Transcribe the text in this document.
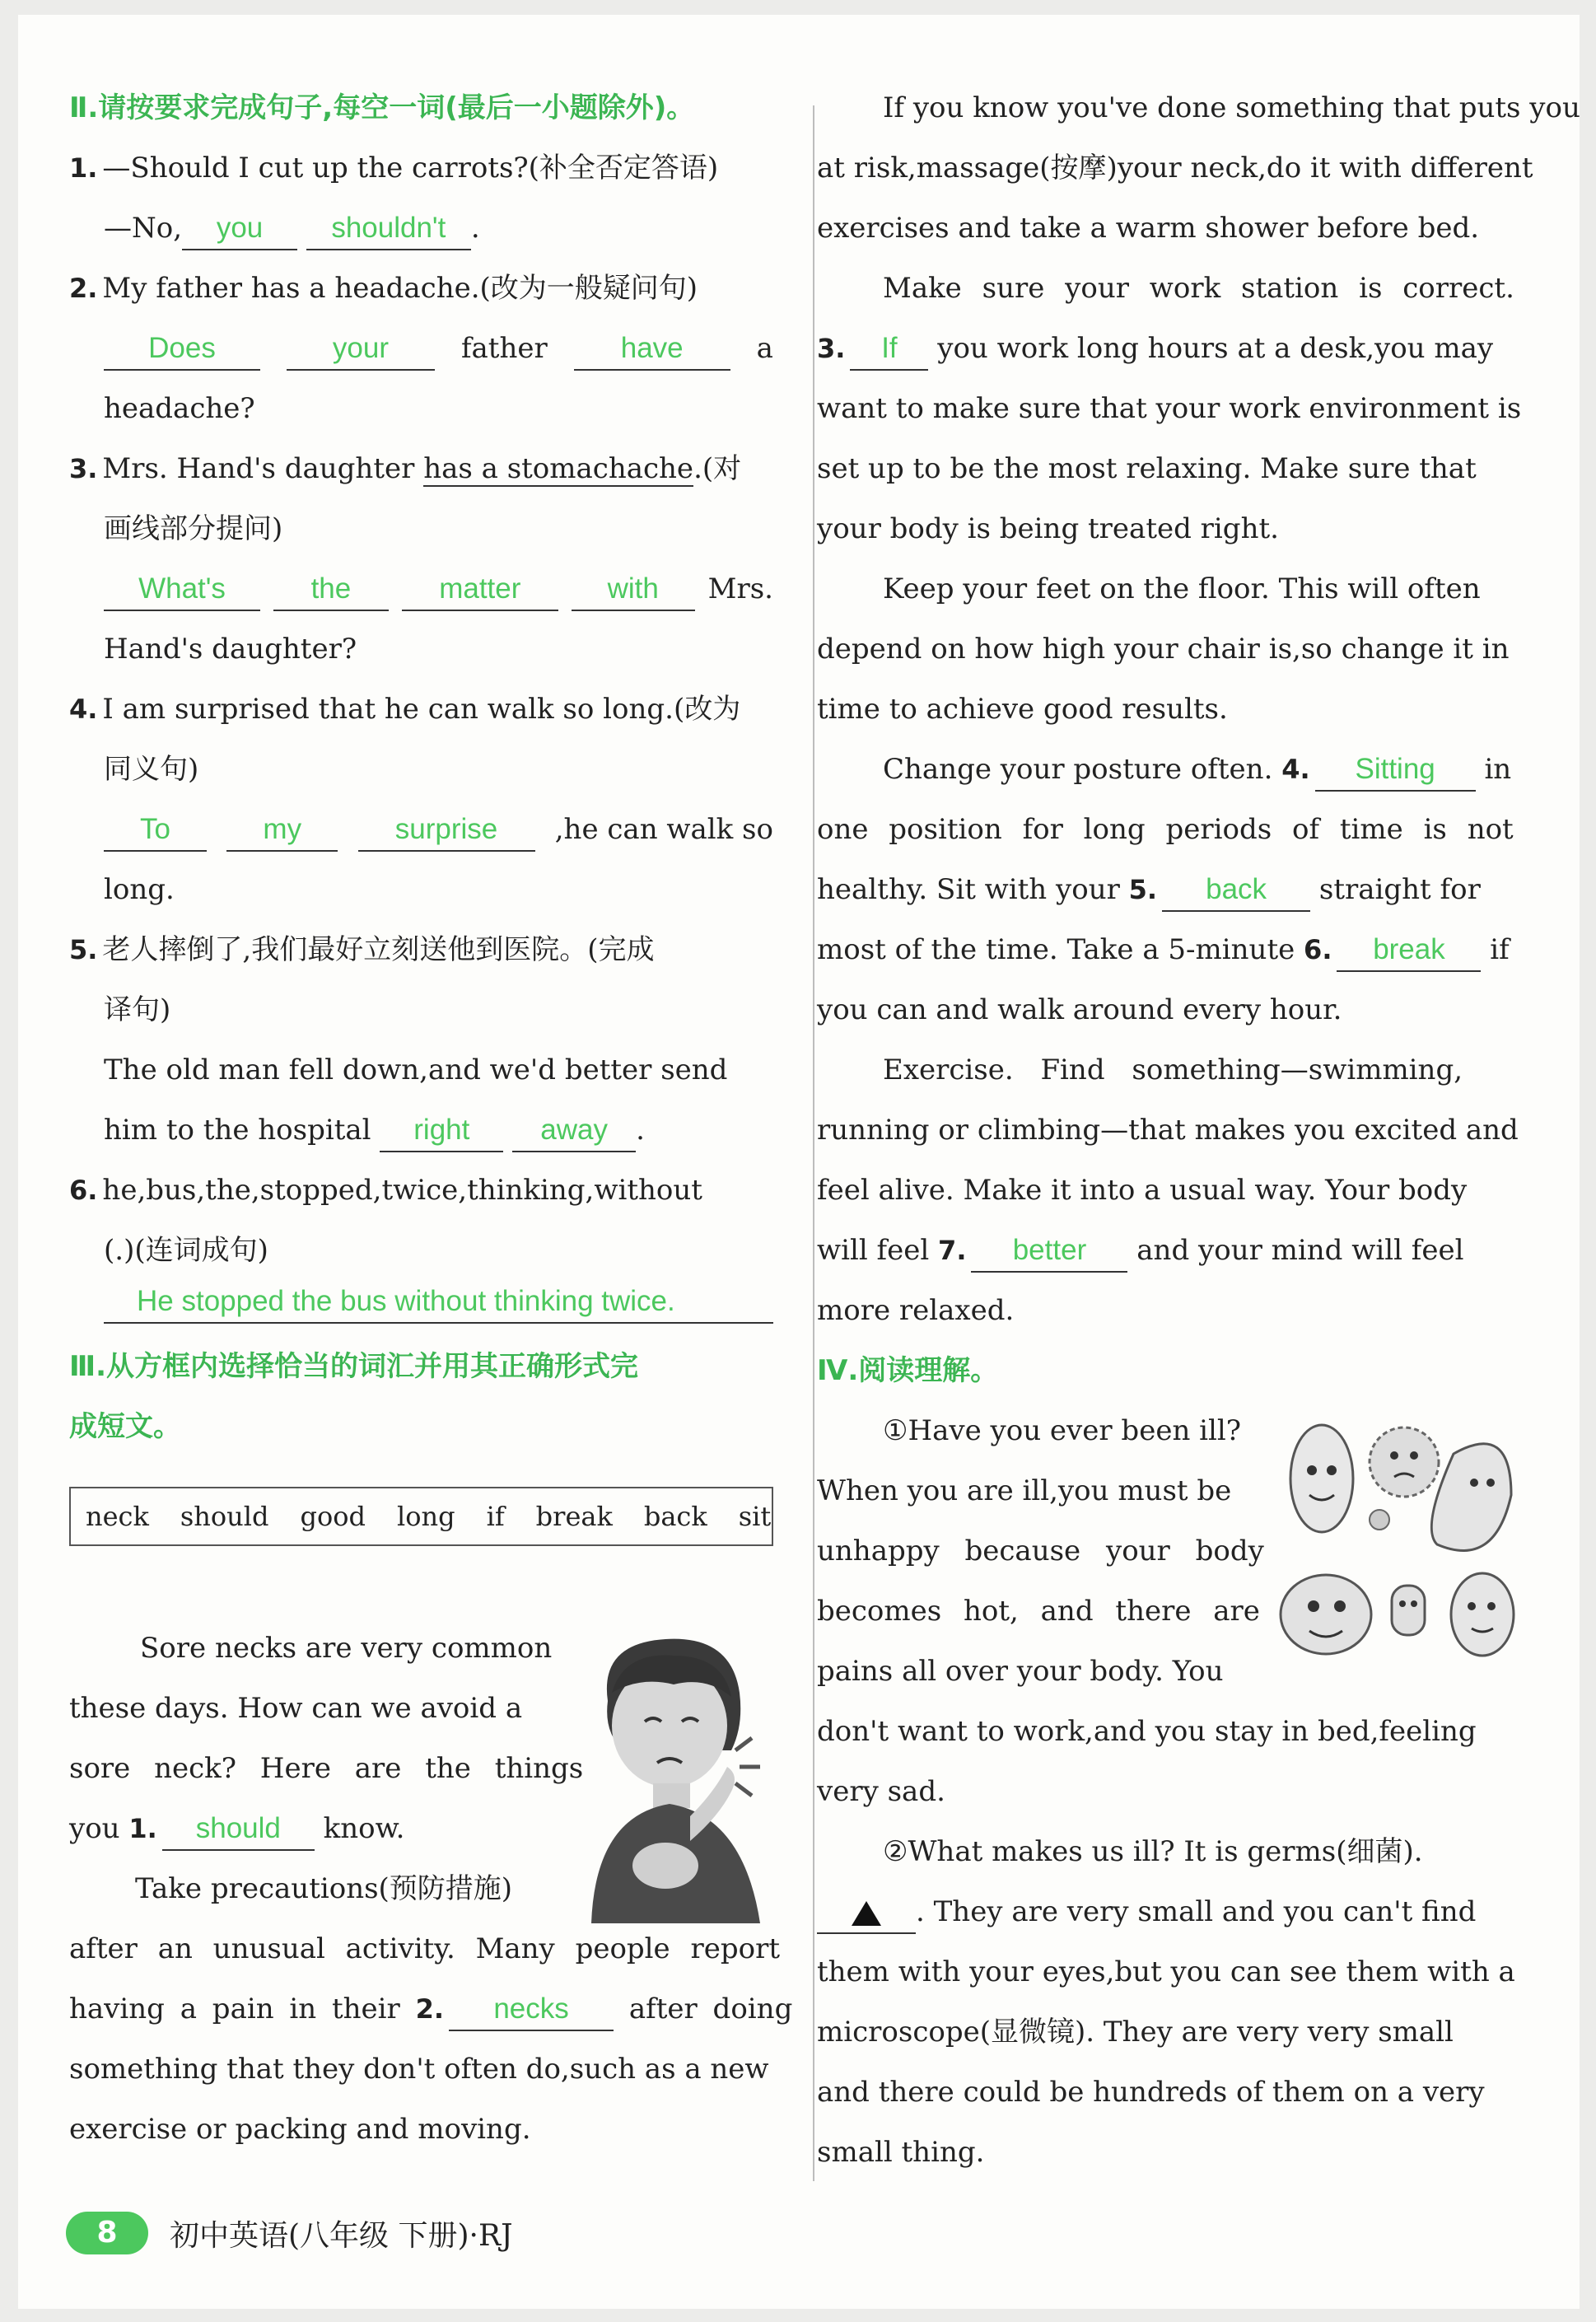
Ⅱ.请按要求完成句子,每空一词(最后一小题除外)。
1. —Should I cut up the carrots?(补全否定答语)
—No, you shouldn't .
2. My father has a headache.(改为一般疑问句)
Does	your	father	have	a
headache?
3. Mrs. Hand's daughter has a stomachache.(对
画线部分提问)
What's	the	matter	with	Mrs.
Hand's daughter?
4. I am surprised that he can walk so long.(改为
同义句)
To	my	surprise	,he can walk so
long.
5. 老人摔倒了,我们最好立刻送他到医院。(完成
译句)
The old man fell down,and we'd better send
him to the hospital right away .
6. he,bus,the,stopped,twice,thinking,without
(.)(连词成句)
He stopped the bus without thinking twice.
Ⅲ.从方框内选择恰当的词汇并用其正确形式完
成短文。
neck should good long if break back sit
Sore necks are very common
these days. How can we avoid a
sore neck? Here are the things
you 1. should know.
Take precautions(预防措施)
after an unusual activity. Many people report
having a pain in their 2. necks after doing
something that they don't often do,such as a new
exercise or packing and moving.
If you know you've done something that puts you
at risk,massage(按摩)your neck,do it with different
exercises and take a warm shower before bed.
Make sure your work station is correct.
3. If you work long hours at a desk,you may
want to make sure that your work environment is
set up to be the most relaxing. Make sure that
your body is being treated right.
Keep your feet on the floor. This will often
depend on how high your chair is,so change it in
time to achieve good results.
Change your posture often. 4. Sitting in
one position for long periods of time is not
healthy. Sit with your 5. back straight for
most of the time. Take a 5-minute 6. break if
you can and walk around every hour.
Exercise. Find something—swimming,
running or climbing—that makes you excited and
feel alive. Make it into a usual way. Your body
will feel 7. better and your mind will feel
more relaxed.
Ⅳ.阅读理解。
①Have you ever been ill?
When you are ill,you must be
unhappy because your body
becomes hot, and there are
pains all over your body. You
don't want to work,and you stay in bed,feeling
very sad.
②What makes us ill? It is germs(细菌).
. They are very small and you can't find
them with your eyes,but you can see them with a
microscope(显微镜). They are very very small
and there could be hundreds of them on a very
small thing.
8	初中英语(八年级 下册)·RJ
